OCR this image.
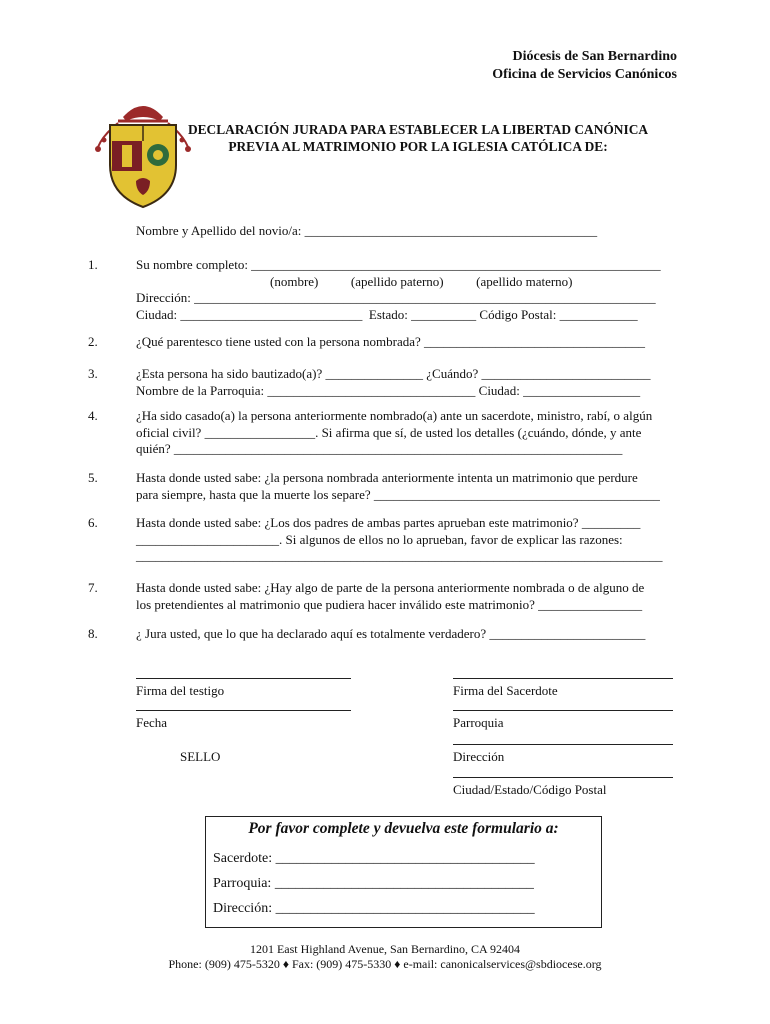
Diócesis de San Bernardino
Oficina de Servicios Canónicos
DECLARACIÓN JURADA PARA ESTABLECER LA LIBERTAD CANÓNICA
PREVIA AL MATRIMONIO POR LA IGLESIA CATÓLICA DE:
Nombre y Apellido del novio/a: _____________________________________________
1.	Su nombre completo: _______________________________________________________________
(nombre)          (apellido paterno)          (apellido materno)
Dirección: _______________________________________________________________________
Ciudad: ____________________________  Estado: __________ Código Postal: ____________
2.	¿Qué parentesco tiene usted con la persona nombrada? __________________________________
3.	¿Esta persona ha sido bautizado(a)? _______________ ¿Cuándo? __________________________
Nombre de la Parroquia: ________________________________ Ciudad: __________________
4.	¿Ha sido casado(a) la persona anteriormente nombrado(a) ante un sacerdote, ministro, rabí, o algún
oficial civil? _________________. Si afirma que sí, de usted los detalles (¿cuándo, dónde, y ante
quién? _____________________________________________________________________
5.	Hasta donde usted sabe: ¿la persona nombrada anteriormente intenta un matrimonio que perdure
para siempre, hasta que la muerte los separe? ____________________________________________
6.	Hasta donde usted sabe: ¿Los dos padres de ambas partes aprueban este matrimonio? _________
______________________. Si algunos de ellos no lo aprueban, favor de explicar las razones:
_________________________________________________________________________________
7.	Hasta donde usted sabe: ¿Hay algo de parte de la persona anteriormente nombrada o de alguno de
los pretendientes al matrimonio que pudiera hacer inválido este matrimonio? ________________
8.	¿ Jura usted, que lo que ha declarado aquí es totalmente verdadero? ________________________
Firma del testigo
Fecha
SELLO
Firma del Sacerdote
Parroquia
Dirección
Ciudad/Estado/Código Postal
Por favor complete y devuelva este formulario a:
Sacerdote: _____________________________________
Parroquia: _____________________________________
Dirección: _____________________________________
1201 East Highland Avenue, San Bernardino, CA 92404
Phone: (909) 475-5320 ♦ Fax: (909) 475-5330 ♦ e-mail: canonicalservices@sbdiocese.org
